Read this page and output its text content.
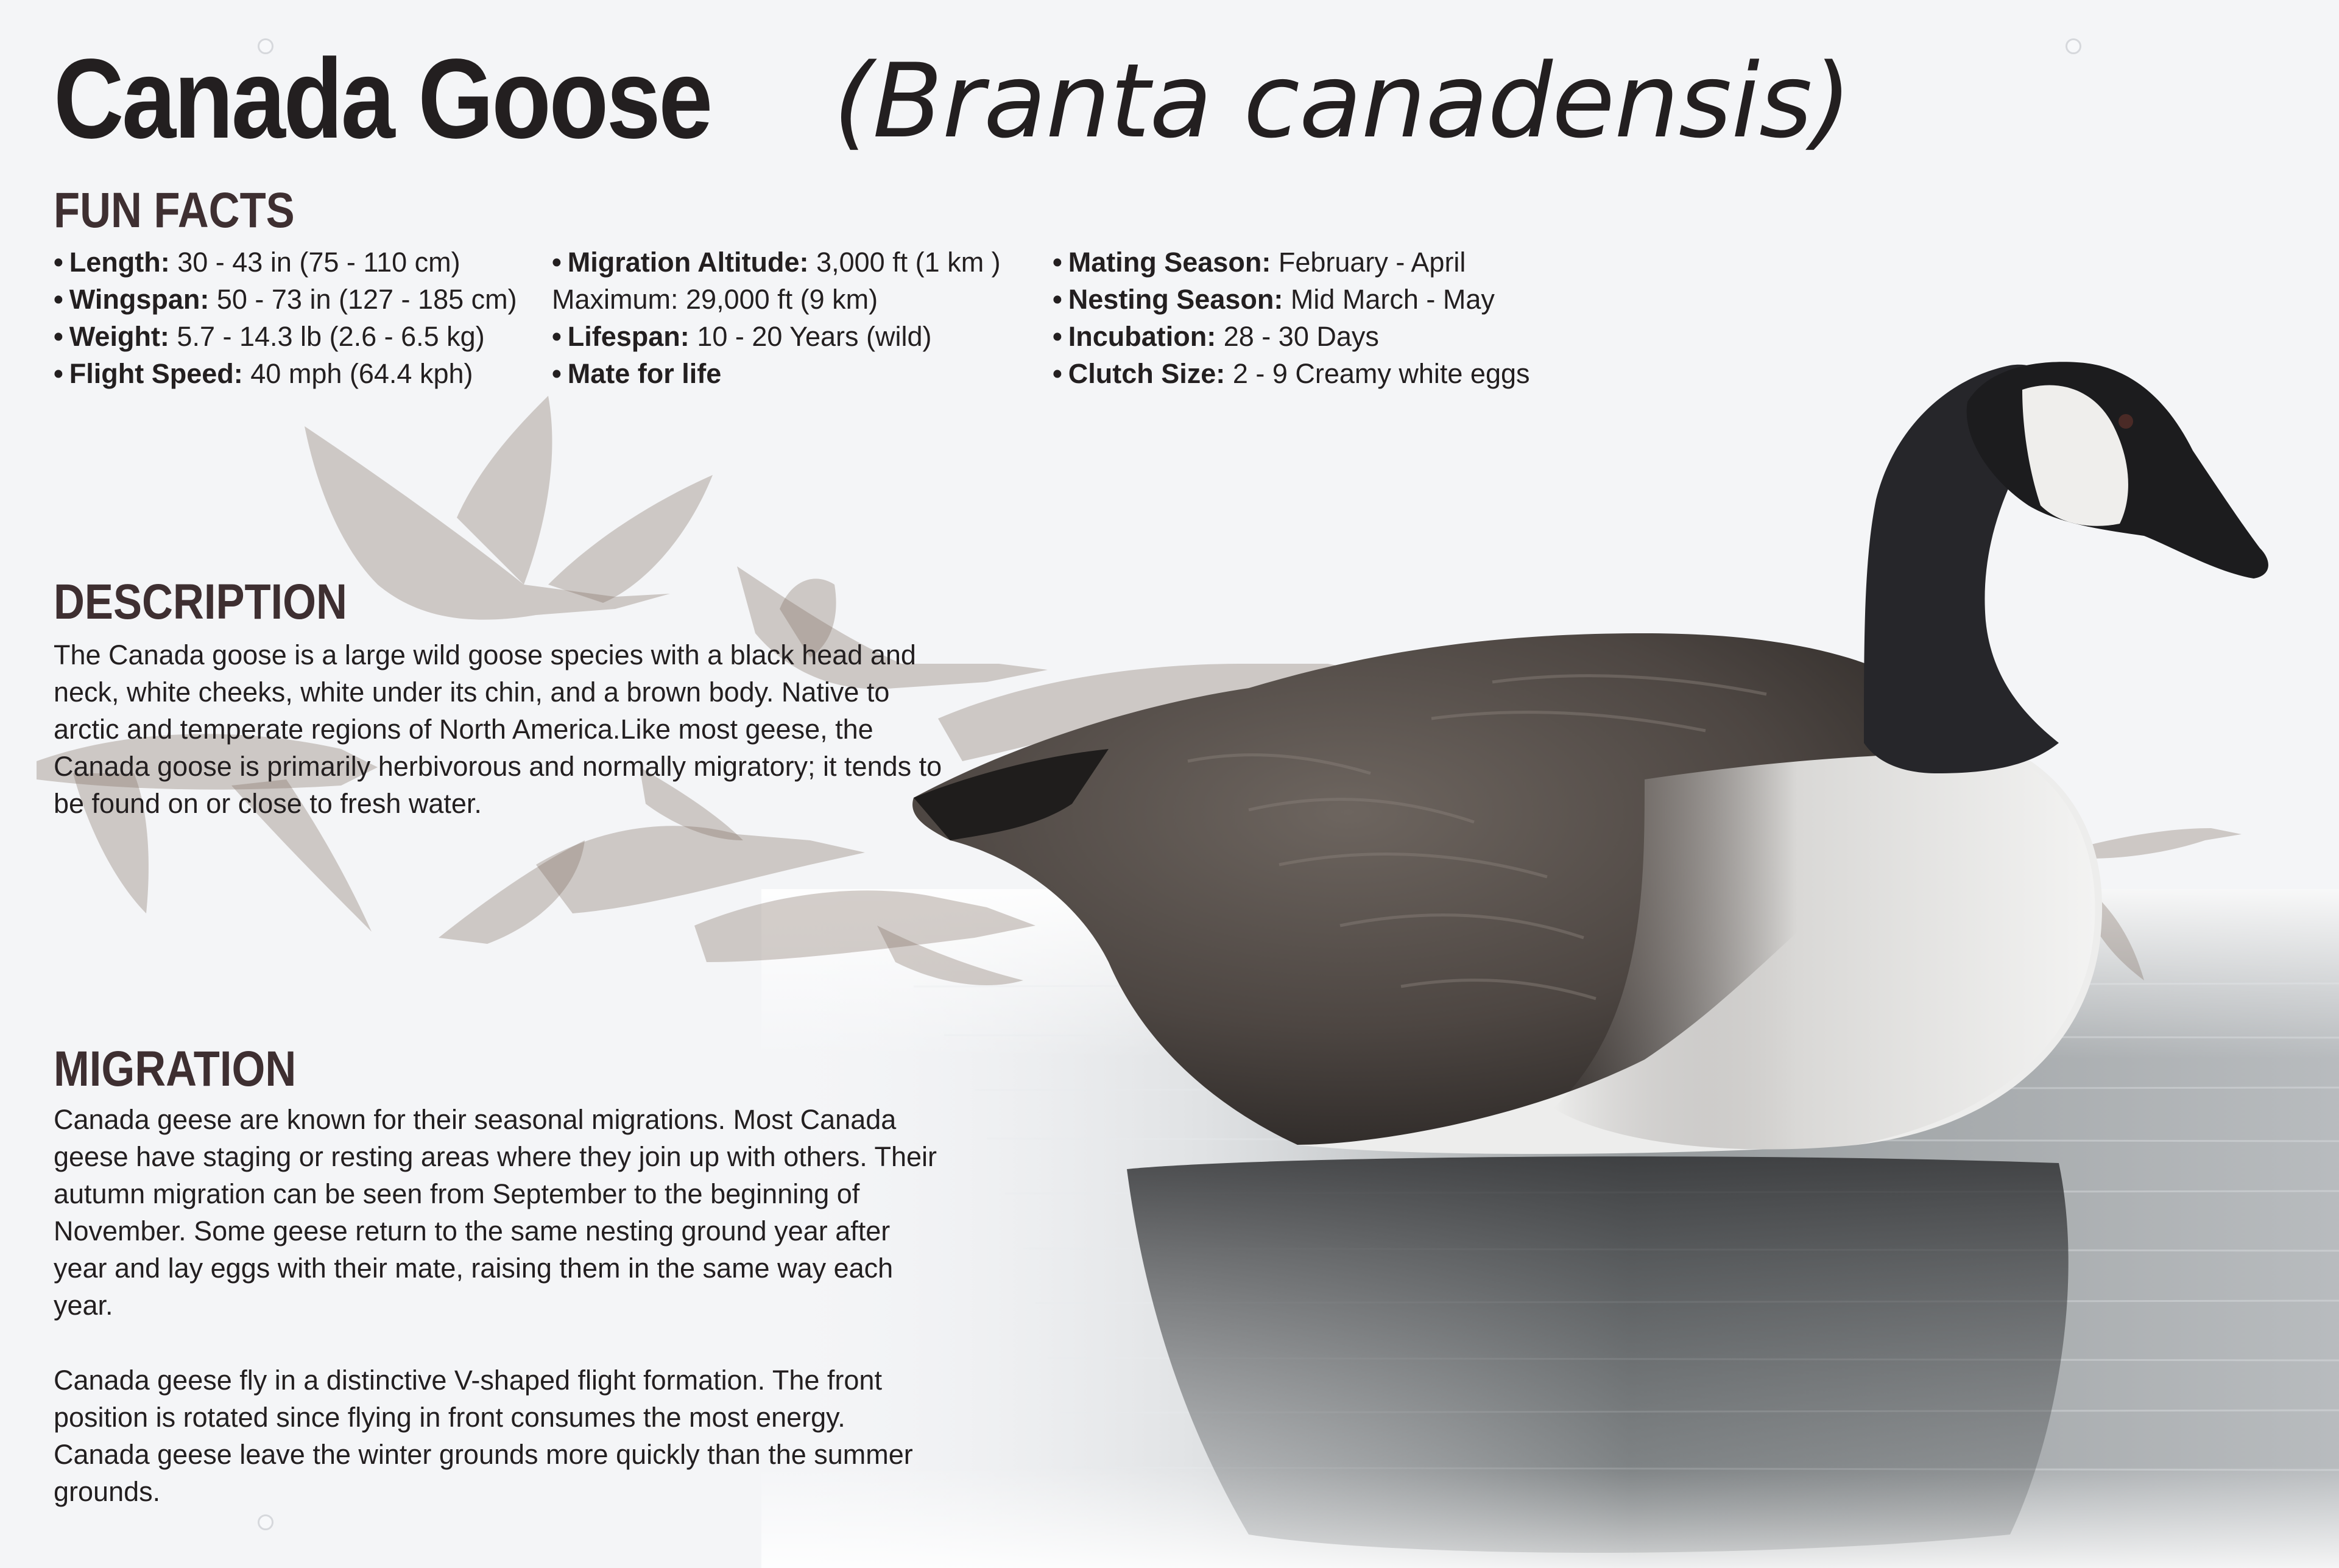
Canada Goose (Branta canadensis)
FUN FACTS
• Length: 30 - 43 in (75 - 110 cm)
• Wingspan: 50 - 73 in (127 - 185 cm)
• Weight: 5.7 - 14.3 lb (2.6 - 6.5 kg)
• Flight Speed: 40 mph (64.4 kph)
• Migration Altitude: 3,000 ft (1 km )
Maximum: 29,000 ft (9 km)
• Lifespan: 10 - 20 Years (wild)
• Mate for life
• Mating Season: February - April
• Nesting Season: Mid March - May
• Incubation: 28 - 30 Days
• Clutch Size: 2 - 9 Creamy white eggs
DESCRIPTION

The Canada goose is a large wild goose species with a black head and neck, white cheeks, white under its chin, and a brown body. Native to arctic and temperate regions of North America.Like most geese, the Canada goose is primarily herbivorous and normally migratory; it tends to be found on or close to fresh water.

MIGRATION

Canada geese are known for their seasonal migrations. Most Canada geese have staging or resting areas where they join up with others. Their autumn migration can be seen from September to the beginning of November. Some geese return to the same nesting ground year after year and lay eggs with their mate, raising them in the same way each year.

Canada geese fly in a distinctive V-shaped flight formation. The front position is rotated since flying in front consumes the most energy. Canada geese leave the winter grounds more quickly than the summer grounds.
